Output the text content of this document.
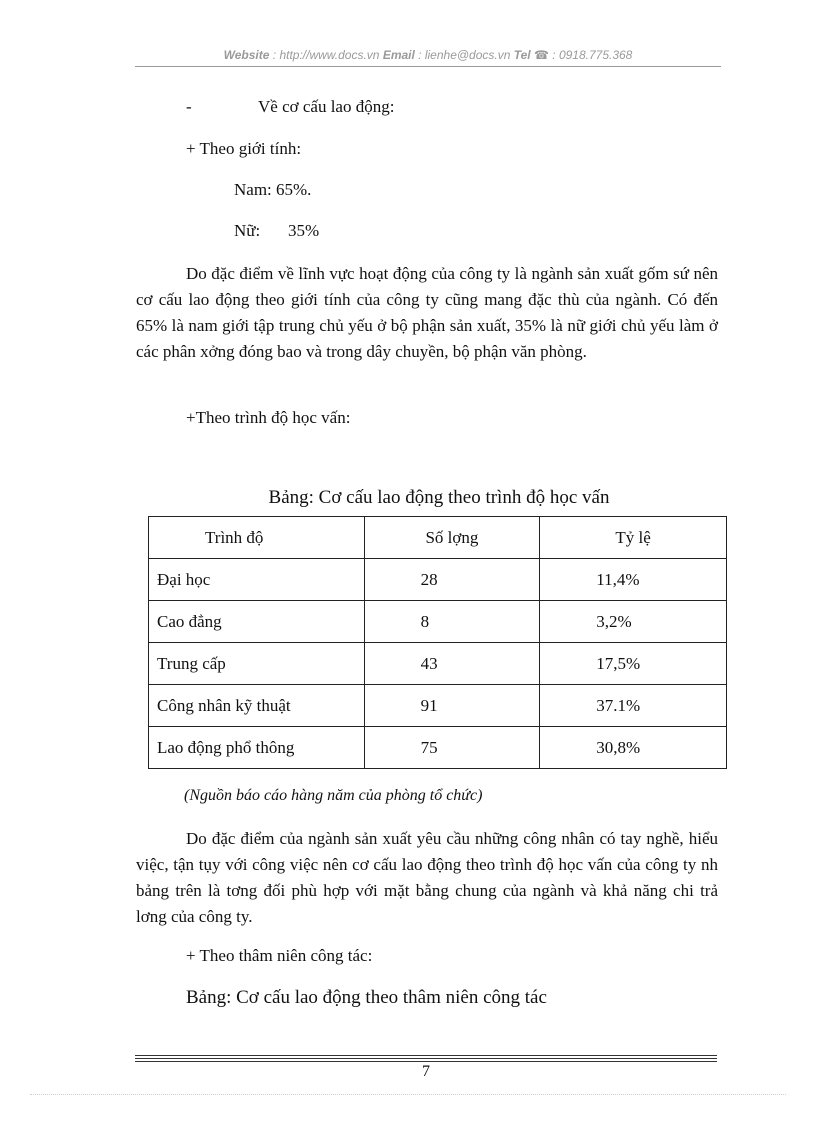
Website : http://www.docs.vn Email : lienhe@docs.vn Tel ☎ : 0918.775.368
-	Về cơ cấu lao động:
+ Theo giới tính:
Nam: 65%.
Nữ: 35%
Do đặc điểm về lĩnh vực hoạt động của công ty là ngành sản xuất gốm sứ nên cơ cấu lao động theo giới tính của công ty cũng mang đặc thù của ngành. Có đến 65% là nam giới tập trung chủ yếu ở bộ phận sản xuất, 35% là nữ giới chủ yếu làm ở các phân xởng đóng bao và trong dây chuyền, bộ phận văn phòng.
+Theo trình độ học vấn:
Bảng: Cơ cấu lao động theo trình độ học vấn
Trình độ	Số lợng	Tỷ lệ
Đại học	28	11,4%
Cao đẳng	8	3,2%
Trung cấp	43	17,5%
Công nhân kỹ thuật	91	37.1%
Lao động phổ thông	75	30,8%
(Nguồn báo cáo hàng năm của phòng tổ chức)
Do đặc điểm của ngành sản xuất yêu cầu những công nhân có tay nghề, hiểu việc, tận tụy với công việc nên cơ cấu lao động theo trình độ học vấn của công ty nh bảng trên là tơng đối phù hợp với mặt bằng chung của ngành và khả năng chi trả lơng của công ty.
+ Theo thâm niên công tác:
Bảng: Cơ cấu lao động theo thâm niên công tác
7
